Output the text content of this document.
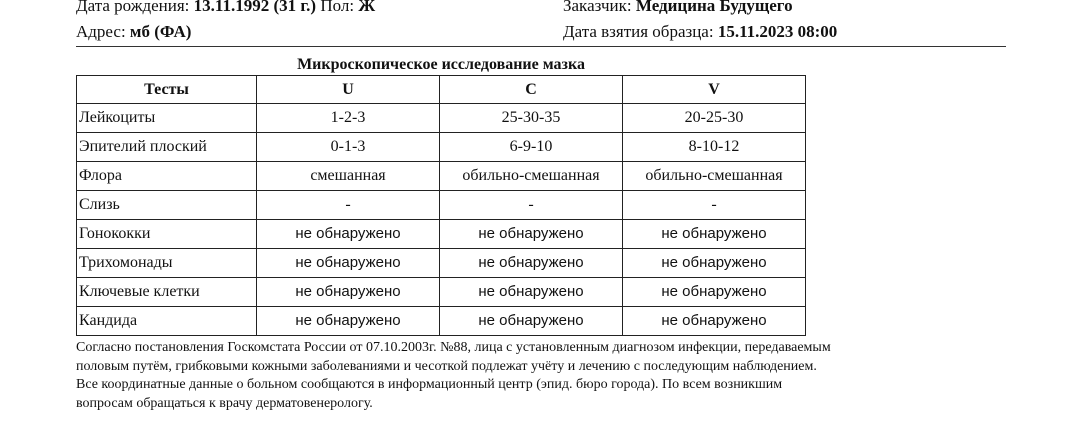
Дата рождения: 13.11.1992 (31 г.) Пол: Ж	Заказчик: Медицина Будущего
Адрес: мб (ФА)	Дата взятия образца: 15.11.2023 08:00
Микроскопическое исследование мазка
Тесты	U	C	V
Лейкоциты	1-2-3	25-30-35	20-25-30
Эпителий плоский	0-1-3	6-9-10	8-10-12
Флора	смешанная	обильно-смешанная	обильно-смешанная
Слизь	-	-	-
Гонококки	не обнаружено	не обнаружено	не обнаружено
Трихомонады	не обнаружено	не обнаружено	не обнаружено
Ключевые клетки	не обнаружено	не обнаружено	не обнаружено
Кандида	не обнаружено	не обнаружено	не обнаружено
Согласно постановления Госкомстата России от 07.10.2003г. №88, лица с установленным диагнозом инфекции, передаваемым
половым путём, грибковыми кожными заболеваниями и чесоткой подлежат учёту и лечению с последующим наблюдением.
Все координатные данные о больном сообщаются в информационный центр (эпид. бюро города). По всем возникшим
вопросам обращаться к врачу дерматовенерологу.
